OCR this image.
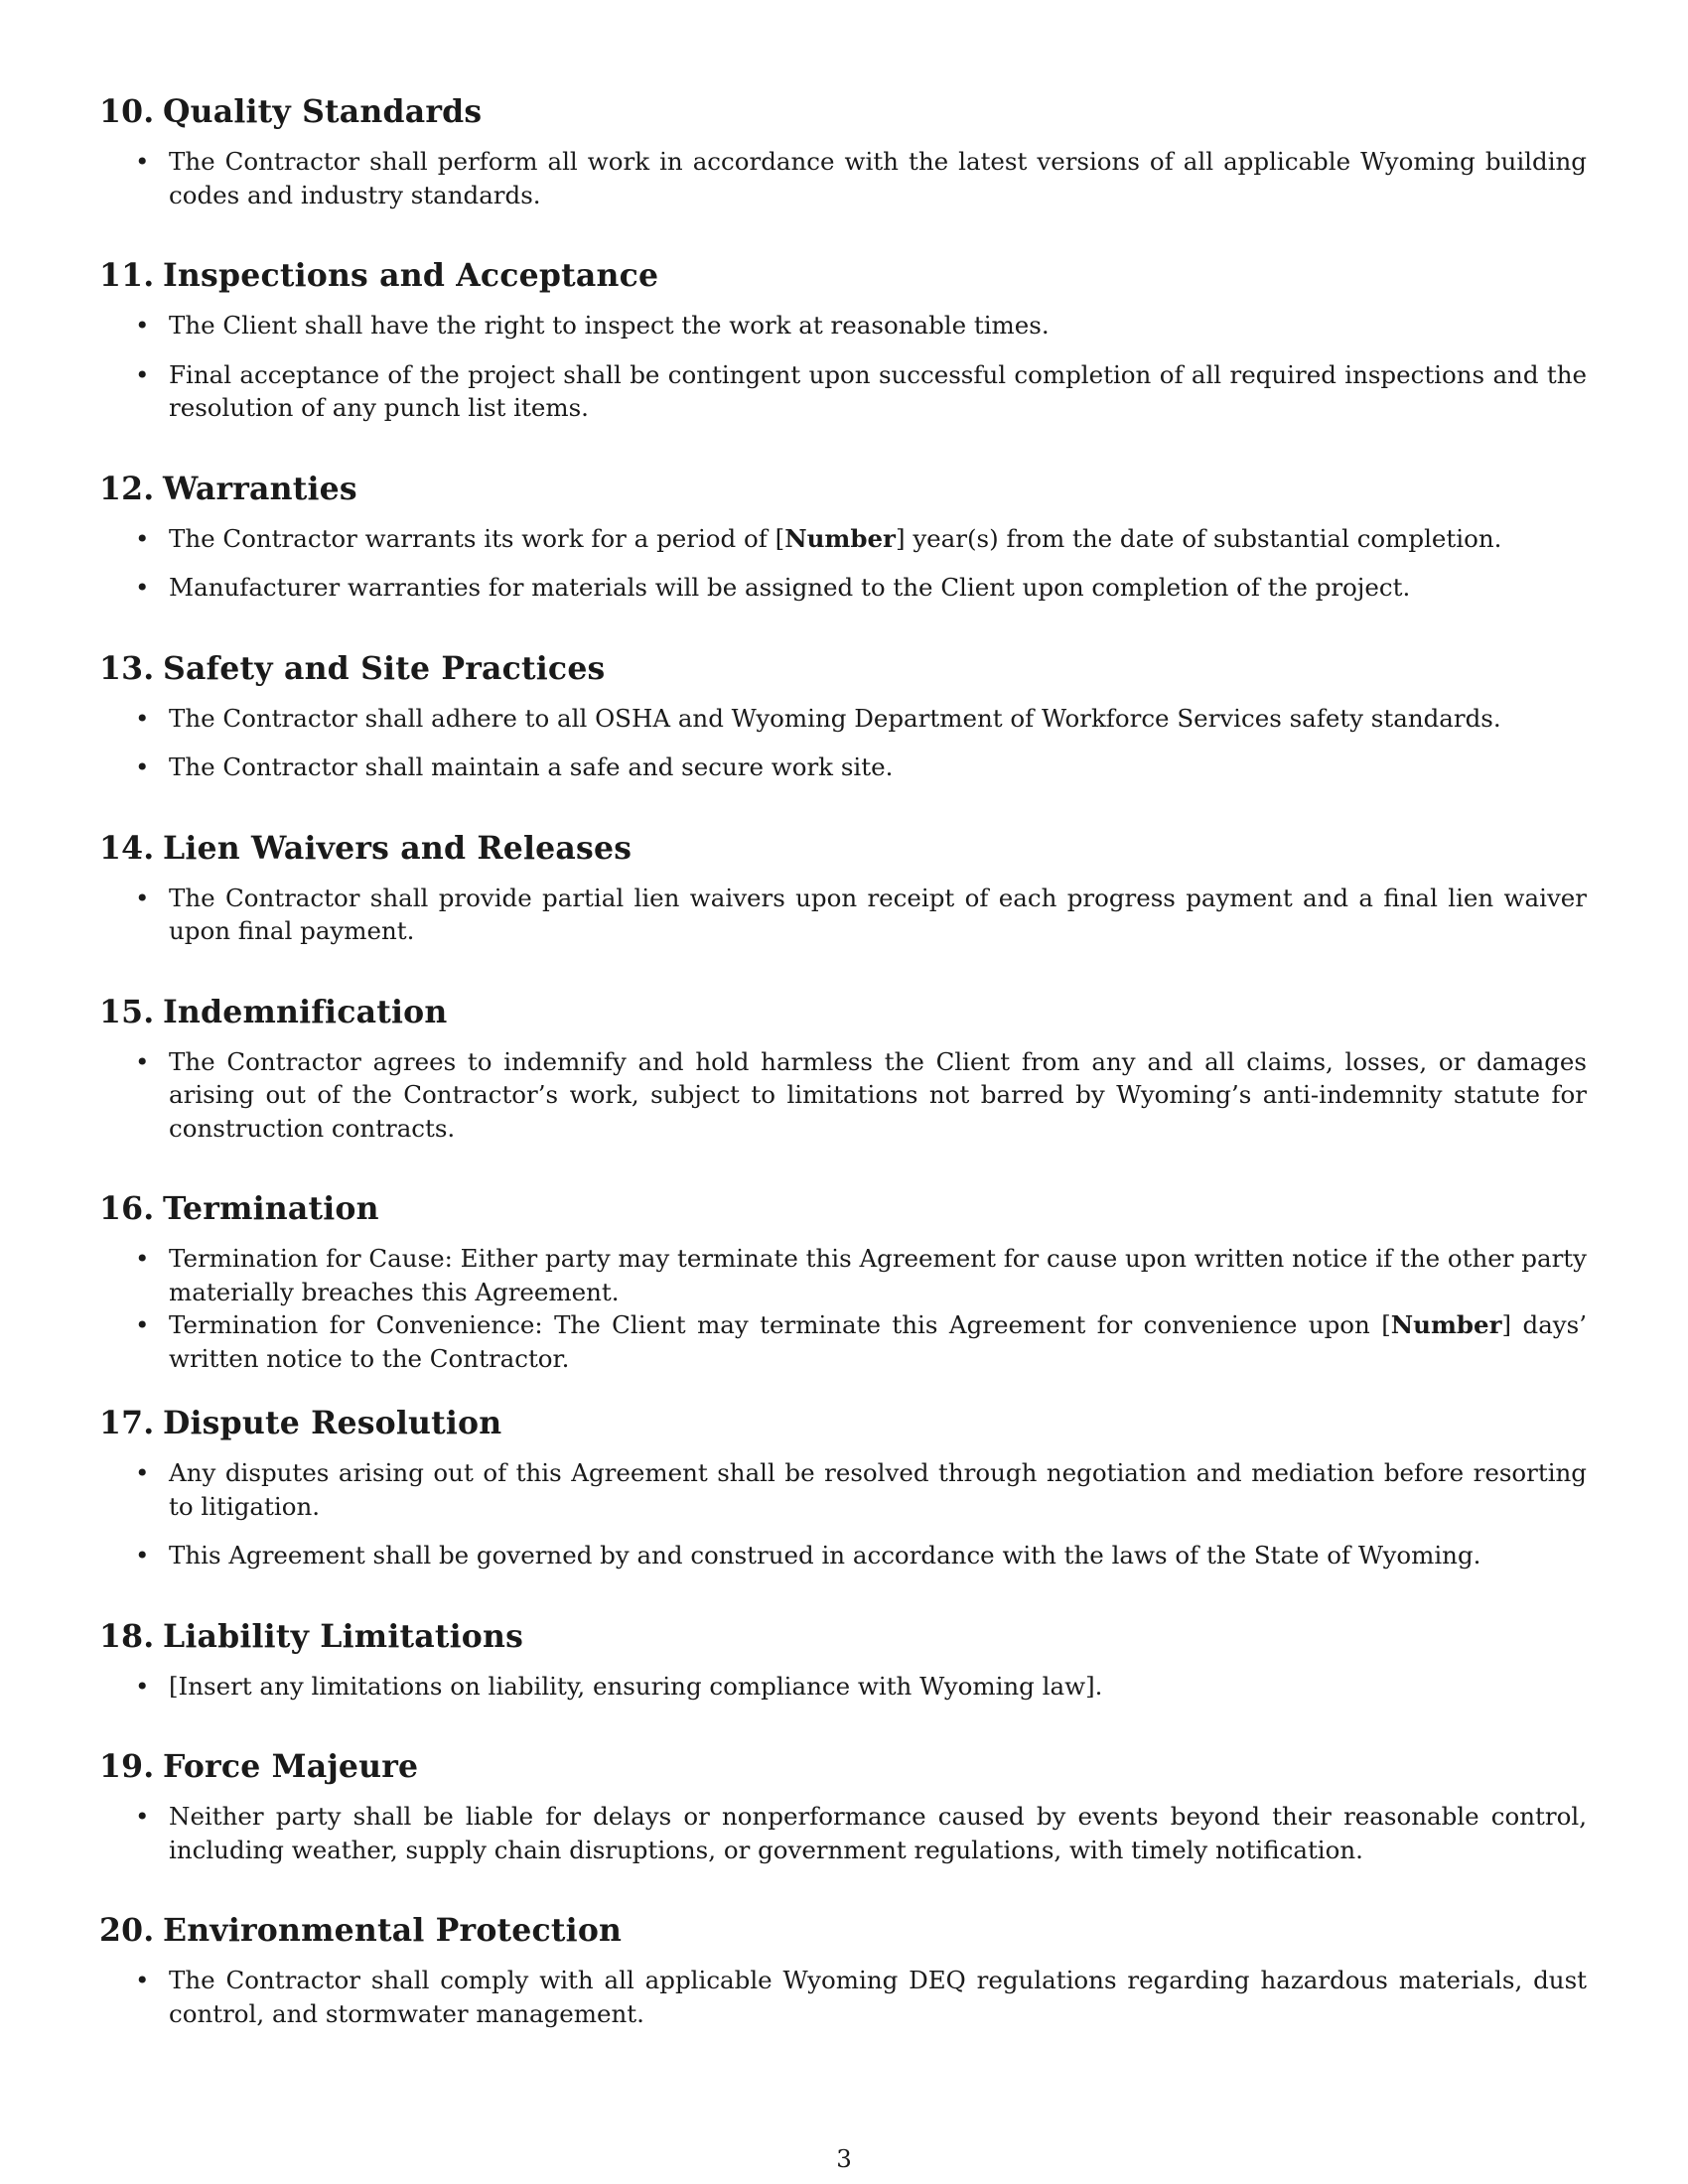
10. Quality Standards
• The Contractor shall perform all work in accordance with the latest versions of all applicable Wyoming building codes and industry standards.
11. Inspections and Acceptance
• The Client shall have the right to inspect the work at reasonable times.
• Final acceptance of the project shall be contingent upon successful completion of all required inspections and the resolution of any punch list items.
12. Warranties
• The Contractor warrants its work for a period of [Number] year(s) from the date of substantial completion.
• Manufacturer warranties for materials will be assigned to the Client upon completion of the project.
13. Safety and Site Practices
• The Contractor shall adhere to all OSHA and Wyoming Department of Workforce Services safety standards.
• The Contractor shall maintain a safe and secure work site.
14. Lien Waivers and Releases
• The Contractor shall provide partial lien waivers upon receipt of each progress payment and a final lien waiver upon final payment.
15. Indemnification
• The Contractor agrees to indemnify and hold harmless the Client from any and all claims, losses, or damages arising out of the Contractor’s work, subject to limitations not barred by Wyoming’s anti-indemnity statute for construction contracts.
16. Termination
• Termination for Cause: Either party may terminate this Agreement for cause upon written notice if the other party materially breaches this Agreement.
• Termination for Convenience: The Client may terminate this Agreement for convenience upon [Number] days’ written notice to the Contractor.
17. Dispute Resolution
• Any disputes arising out of this Agreement shall be resolved through negotiation and mediation before resorting to litigation.
• This Agreement shall be governed by and construed in accordance with the laws of the State of Wyoming.
18. Liability Limitations
• [Insert any limitations on liability, ensuring compliance with Wyoming law].
19. Force Majeure
• Neither party shall be liable for delays or nonperformance caused by events beyond their reasonable control, including weather, supply chain disruptions, or government regulations, with timely notification.
20. Environmental Protection
• The Contractor shall comply with all applicable Wyoming DEQ regulations regarding hazardous materials, dust control, and stormwater management.
3
